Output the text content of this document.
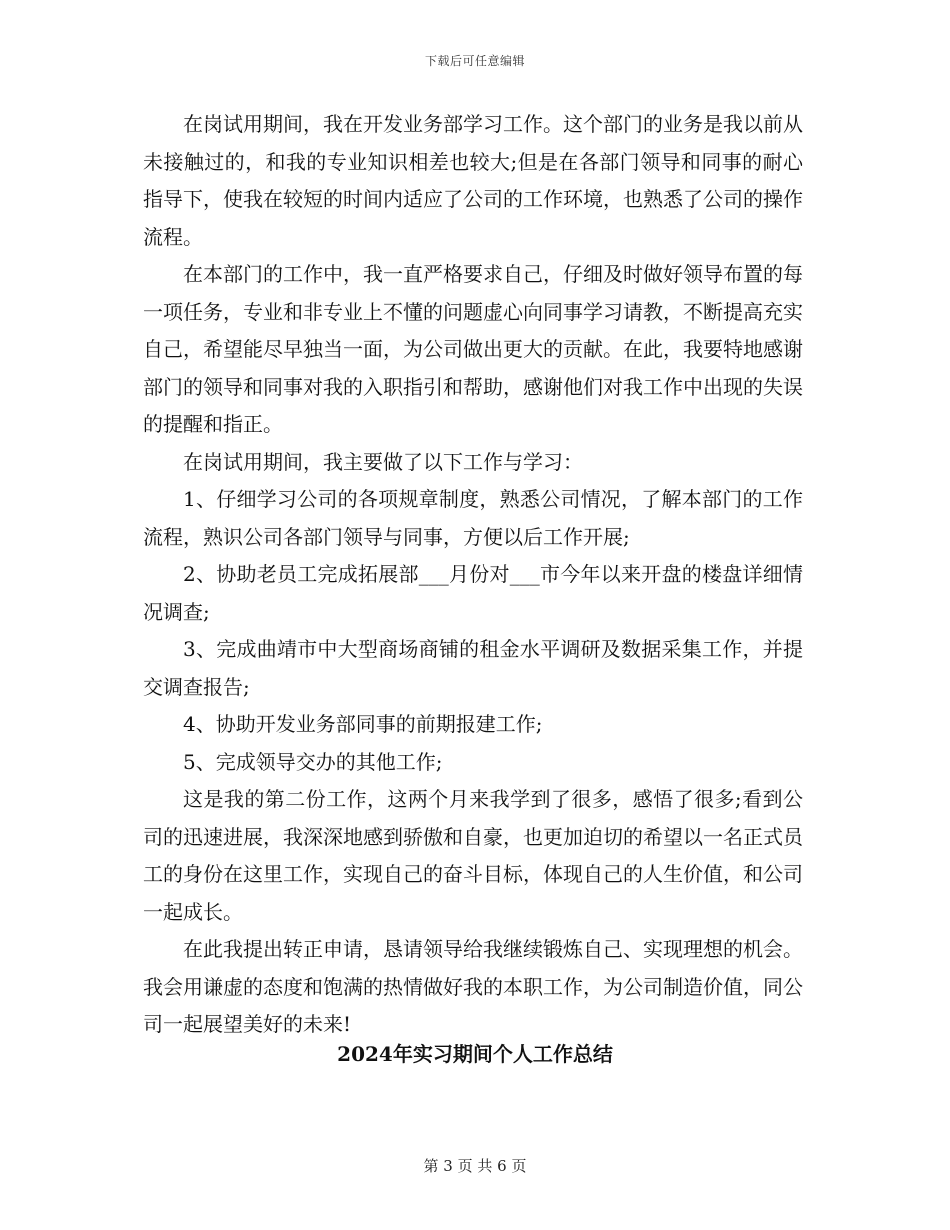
下载后可任意编辑

在岗试用期间，我在开发业务部学习工作。这个部门的业务是我以前从未接触过的，和我的专业知识相差也较大;但是在各部门领导和同事的耐心指导下，使我在较短的时间内适应了公司的工作环境，也熟悉了公司的操作流程。

在本部门的工作中，我一直严格要求自己，仔细及时做好领导布置的每一项任务，专业和非专业上不懂的问题虚心向同事学习请教，不断提高充实自己，希望能尽早独当一面，为公司做出更大的贡献。在此，我要特地感谢部门的领导和同事对我的入职指引和帮助，感谢他们对我工作中出现的失误的提醒和指正。

在岗试用期间，我主要做了以下工作与学习：

1、仔细学习公司的各项规章制度，熟悉公司情况，了解本部门的工作流程，熟识公司各部门领导与同事，方便以后工作开展;

2、协助老员工完成拓展部___月份对___市今年以来开盘的楼盘详细情况调查;

3、完成曲靖市中大型商场商铺的租金水平调研及数据采集工作，并提交调查报告;

4、协助开发业务部同事的前期报建工作;

5、完成领导交办的其他工作;

这是我的第二份工作，这两个月来我学到了很多，感悟了很多;看到公司的迅速进展，我深深地感到骄傲和自豪，也更加迫切的希望以一名正式员工的身份在这里工作，实现自己的奋斗目标，体现自己的人生价值，和公司一起成长。

在此我提出转正申请，恳请领导给我继续锻炼自己、实现理想的机会。我会用谦虚的态度和饱满的热情做好我的本职工作，为公司制造价值，同公司一起展望美好的未来!

2024年实习期间个人工作总结
第 3 页 共 6 页
